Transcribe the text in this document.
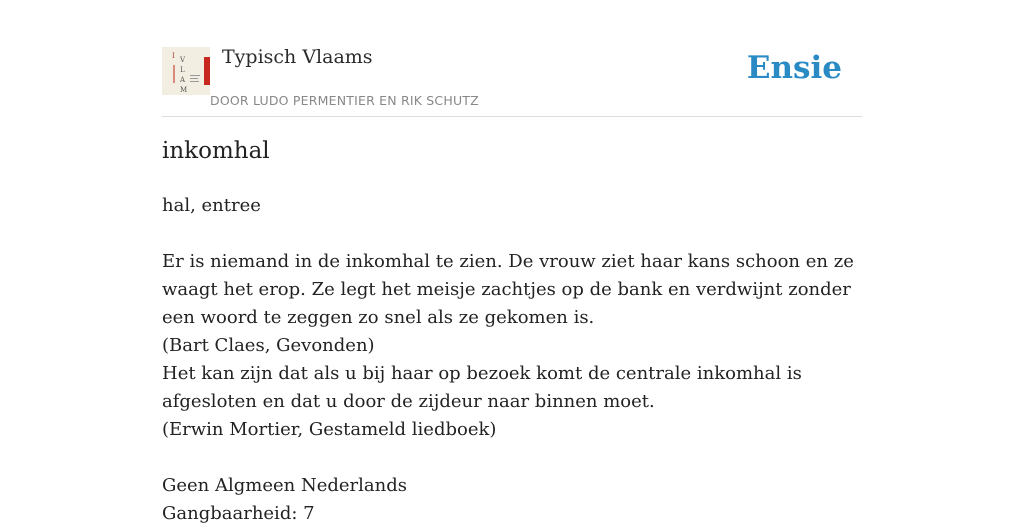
I V
L
A
M
Typisch Vlaams
DOOR LUDO PERMENTIER EN RIK SCHUTZ
Ensie
inkomhal

hal, entree

Er is niemand in de inkomhal te zien. De vrouw ziet haar kans schoon en ze waagt het erop. Ze legt het meisje zachtjes op de bank en verdwijnt zonder een woord te zeggen zo snel als ze gekomen is.

(Bart Claes, Gevonden)

Het kan zijn dat als u bij haar op bezoek komt de centrale inkomhal is afgesloten en dat u door de zijdeur naar binnen moet.

(Erwin Mortier, Gestameld liedboek)

Geen Algmeen Nederlands

Gangbaarheid: 7
